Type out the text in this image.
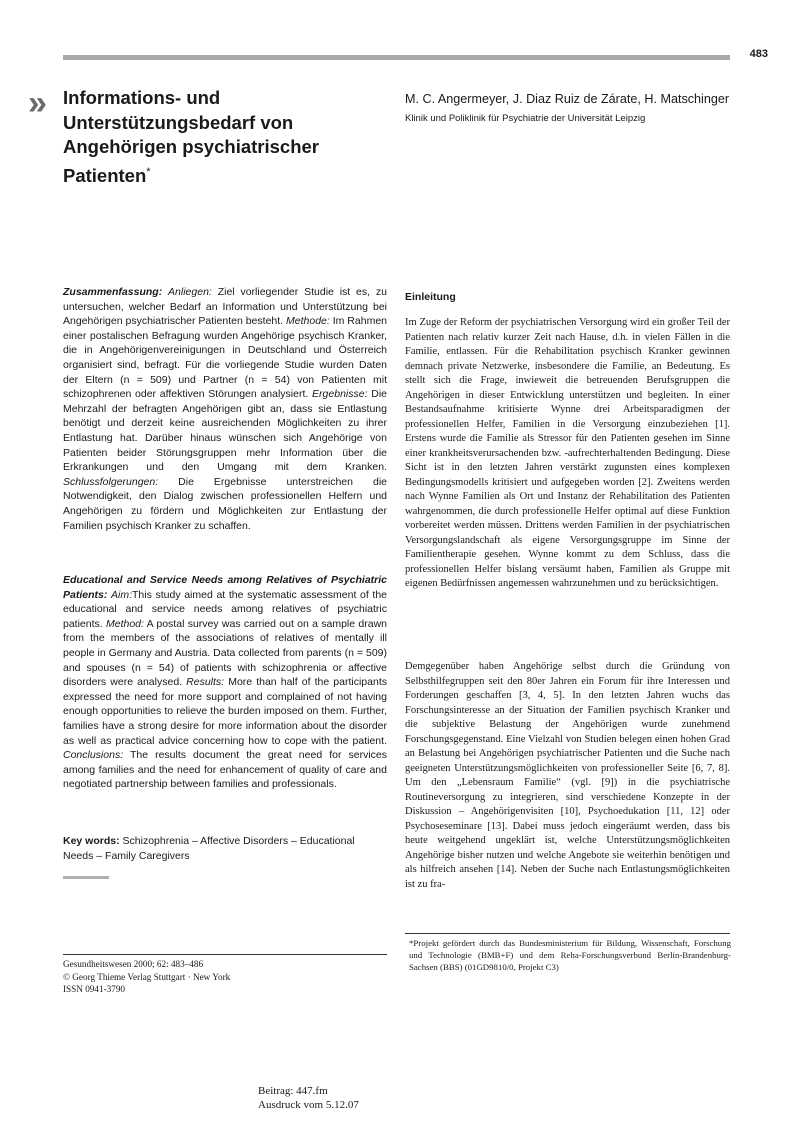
483
» Informations- und
Unterstützungsbedarf von
Angehörigen psychiatrischer
Patienten*
M. C. Angermeyer, J. Diaz Ruiz de Zárate, H. Matschinger
Klinik und Poliklinik für Psychiatrie der Universität Leipzig
Zusammenfassung: Anliegen: Ziel vorliegender Studie ist es, zu untersuchen, welcher Bedarf an Information und Unterstützung bei Angehörigen psychiatrischer Patienten besteht. Methode: Im Rahmen einer postalischen Befragung wurden Angehörige psychisch Kranker, die in Angehörigenvereinigungen in Deutschland und Österreich organisiert sind, befragt. Für die vorliegende Studie wurden Daten der Eltern (n = 509) und Partner (n = 54) von Patienten mit schizophrenen oder affektiven Störungen analysiert. Ergebnisse: Die Mehrzahl der befragten Angehörigen gibt an, dass sie Entlastung benötigt und derzeit keine ausreichenden Möglichkeiten zu ihrer Entlastung hat. Darüber hinaus wünschen sich Angehörige von Patienten beider Störungsgruppen mehr Information über die Erkrankungen und den Umgang mit dem Kranken. Schlussfolgerungen: Die Ergebnisse unterstreichen die Notwendigkeit, den Dialog zwischen professionellen Helfern und Angehörigen zu fördern und Möglichkeiten zur Entlastung der Familien psychisch Kranker zu schaffen.
Educational and Service Needs among Relatives of Psychiatric Patients: Aim:This study aimed at the systematic assessment of the educational and service needs among relatives of psychiatric patients. Method: A postal survey was carried out on a sample drawn from the members of the associations of relatives of mentally ill people in Germany and Austria. Data collected from parents (n = 509) and spouses (n = 54) of patients with schizophrenia or affective disorders were analysed. Results: More than half of the participants expressed the need for more support and complained of not having enough opportunities to relieve the burden imposed on them. Further, families have a strong desire for more information about the disorder as well as practical advice concerning how to cope with the patient. Conclusions: The results document the great need for services among families and the need for enhancement of quality of care and negotiated partnership between families and professionals.
Key words: Schizophrenia – Affective Disorders – Educational Needs – Family Caregivers
Einleitung
Im Zuge der Reform der psychiatrischen Versorgung wird ein großer Teil der Patienten nach relativ kurzer Zeit nach Hause, d.h. in vielen Fällen in die Familie, entlassen. Für die Rehabilitation psychisch Kranker gewinnen demnach private Netzwerke, insbesondere die Familie, an Bedeutung. Es stellt sich die Frage, inwieweit die betreuenden Berufsgruppen die Angehörigen in dieser Entwicklung unterstützen und begleiten. In einer Bestandsaufnahme kritisierte Wynne drei Arbeitsparadigmen der professionellen Helfer, Familien in die Versorgung einzubeziehen [1]. Erstens wurde die Familie als Stressor für den Patienten gesehen im Sinne einer krankheitsverursachenden bzw. -aufrechterhaltenden Bedingung. Diese Sicht ist in den letzten Jahren verstärkt zugunsten eines komplexen Bedingungsmodells kritisiert und aufgegeben worden [2]. Zweitens werden nach Wynne Familien als Ort und Instanz der Rehabilitation des Patienten wahrgenommen, die durch professionelle Helfer optimal auf diese Funktion vorbereitet werden müssen. Drittens werden Familien in der psychiatrischen Versorgungslandschaft als eigene Versorgungsgruppe im Sinne der Familientherapie gesehen. Wynne kommt zu dem Schluss, dass die professionellen Helfer bislang versäumt haben, Familien als Gruppe mit eigenen Bedürfnissen angemessen wahrzunehmen und zu berücksichtigen.
Demgegenüber haben Angehörige selbst durch die Gründung von Selbsthilfegruppen seit den 80er Jahren ein Forum für ihre Interessen und Forderungen geschaffen [3, 4, 5]. In den letzten Jahren wuchs das Forschungsinteresse an der Situation der Familien psychisch Kranker und die subjektive Belastung der Angehörigen wurde zunehmend Forschungsgegenstand. Eine Vielzahl von Studien belegen einen hohen Grad an Belastung bei Angehörigen psychiatrischer Patienten und die Suche nach geeigneten Unterstützungsmöglichkeiten von professioneller Seite [6, 7, 8]. Um den „Lebensraum Familie“ (vgl. [9]) in die psychiatrische Routineversorgung zu integrieren, sind verschiedene Konzepte in der Diskussion – Angehörigenvisiten [10], Psychoedukation [11, 12] oder Psychoseseminare [13]. Dabei muss jedoch eingeräumt werden, dass bis heute weitgehend ungeklärt ist, welche Unterstützungsmöglichkeiten Angehörige bisher nutzen und welche Angebote sie weiterhin benötigen und als hilfreich ansehen [14]. Neben der Suche nach Entlastungsmöglichkeiten ist zu fra-
*Projekt gefördert durch das Bundesministerium für Bildung, Wissenschaft, Forschung und Technologie (BMB+F) und dem Reha-Forschungsverbund Berlin-Brandenburg-Sachsen (BBS) (01GD9810/0, Projekt C3)
Gesundheitswesen 2000; 62: 483–486
© Georg Thieme Verlag Stuttgart · New York
ISSN 0941-3790
Beitrag: 447.fm
Ausdruck vom 5.12.07
